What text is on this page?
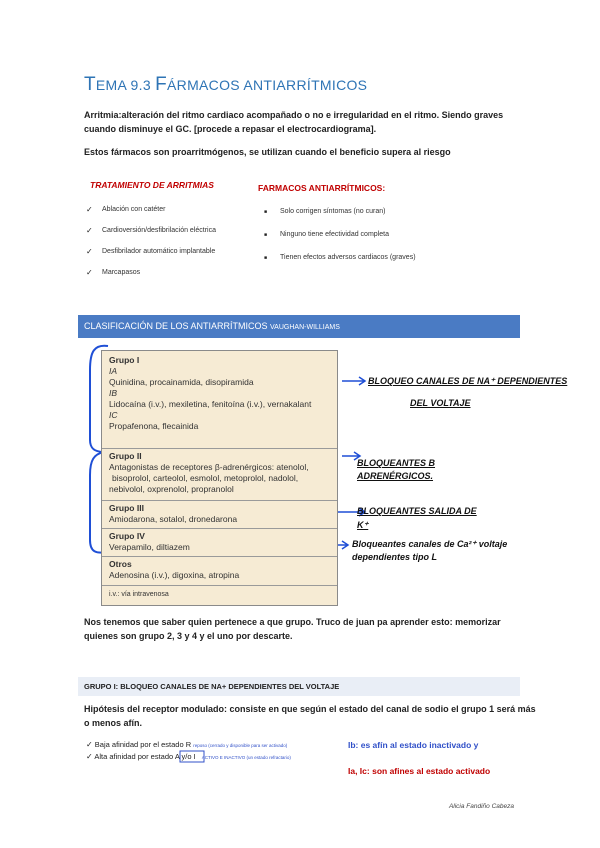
TEMA 9.3 FÁRMACOS ANTIARRÍTMICOS
Arritmia:alteración del ritmo cardiaco acompañado o no e irregularidad en el ritmo. Siendo graves
cuando disminuye el GC. [procede a repasar el electrocardiograma].
Estos fármacos son proarritmógenos, se utilizan cuando el beneficio supera al riesgo
TRATAMIENTO DE ARRITMIAS
✓ Ablación con catéter
✓ Cardioversión/desfibrilación eléctrica
✓ Desfibrilador automático implantable
✓ Marcapasos
FARMACOS ANTIARRÍTMICOS:
■ Solo corrigen síntomas (no curan)
■ Ninguno tiene efectividad completa
■ Tienen efectos adversos cardiacos (graves)
CLASIFICACIÓN DE LOS ANTIARRÍTMICOS VAUGHAN-WILLIAMS
Grupo I
IA
Quinidina, procainamida, disopiramida
IB
Lidocaína (i.v.), mexiletina, fenitoína (i.v.), vernakalant
IC
Propafenona, flecainida
Grupo II
Antagonistas de receptores β-adrenérgicos: atenolol,
bisoprolol, carteolol, esmolol, metoprolol, nadolol,
nebivolol, oxprenolol, propranolol
Grupo III
Amiodarona, sotalol, dronedarona
Grupo IV
Verapamilo, diltiazem
Otros
Adenosina (i.v.), digoxina, atropina
i.v.: vía intravenosa
BLOQUEO CANALES DE NA⁺ DEPENDIENTES
DEL VOLTAJE
BLOQUEANTES B
ADRENÉRGICOS.
BLOQUEANTES SALIDA DE
K⁺
Bloqueantes canales de Ca²⁺ voltaje
dependientes tipo L
Nos tenemos que saber quien pertenece a que grupo. Truco de juan pa aprender esto: memorizar
quienes son grupo 2, 3 y 4 y el uno por descarte.
GRUPO I: BLOQUEO CANALES DE NA+ DEPENDIENTES DEL VOLTAJE
Hipótesis del receptor modulado: consiste en que según el estado del canal de sodio el grupo 1 será más
o menos afín.
✓ Baja afinidad por el estado R reposo (cerrado y disponible para ser activado)
✓ Alta afinidad por estado A y/o I ACTIVO E INACTIVO (un estado refractario)
Ib: es afín al estado inactivado y
Ia, Ic: son afines al estado activado
Alicia Fandiño Cabeza
